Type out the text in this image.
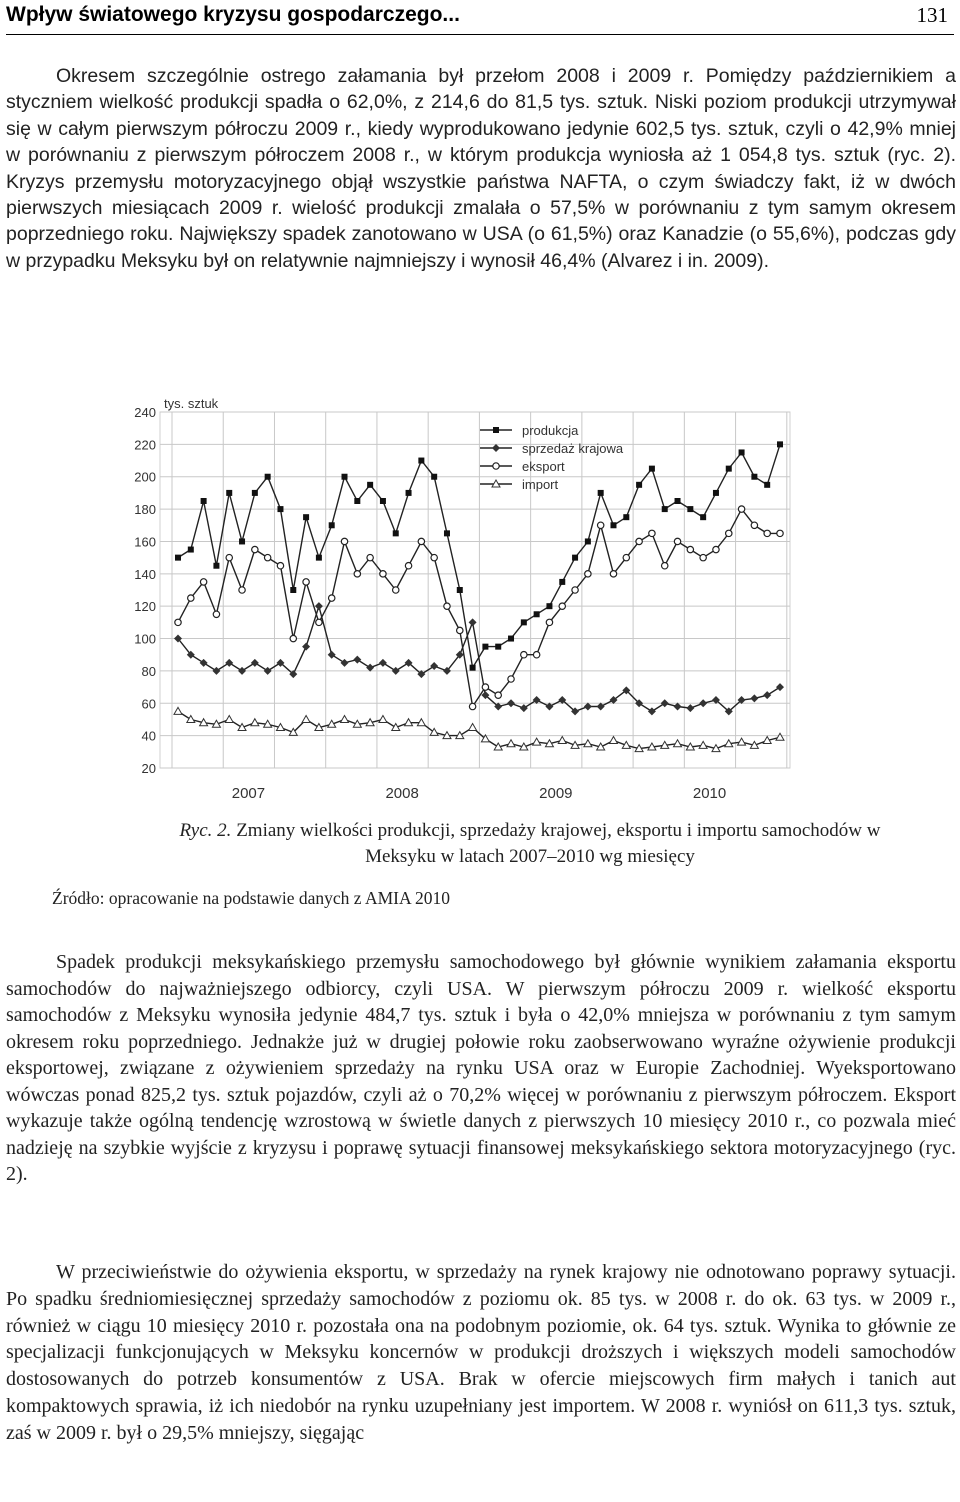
Wpływ światowego kryzysu gospodarczego...	131

Okresem szczególnie ostrego załamania był przełom 2008 i 2009 r. Pomiędzy październikiem a styczniem wielkość produkcji spadła o 62,0%, z 214,6 do 81,5 tys. sztuk. Niski poziom produkcji utrzymywał się w całym pierwszym półroczu 2009 r., kiedy wyprodukowano jedynie 602,5 tys. sztuk, czyli o 42,9% mniej w porównaniu z pierwszym półroczem 2008 r., w którym produkcja wyniosła aż 1 054,8 tys. sztuk (ryc. 2). Kryzys przemysłu motoryzacyjnego objął wszystkie państwa NAFTA, o czym świadczy fakt, iż w dwóch pierwszych miesiącach 2009 r. wielość produkcji zmalała o 57,5% w porównaniu z tym samym okresem poprzedniego roku. Największy spadek zanotowano w USA (o 61,5%) oraz Kanadzie (o 55,6%), podczas gdy w przypadku Meksyku był on relatywnie najmniejszy i wynosił 46,4% (Alvarez i in. 2009).

20
40
60
80
100
120
140
160
180
200
220
240
tys. sztuk
2007	2008	2009	2010
produkcja
sprzedaż krajowa
eksport
import

Ryc. 2. Zmiany wielkości produkcji, sprzedaży krajowej, eksportu i importu samochodów w Meksyku w latach 2007–2010 wg miesięcy

Źródło: opracowanie na podstawie danych z AMIA 2010

Spadek produkcji meksykańskiego przemysłu samochodowego był głównie wynikiem załamania eksportu samochodów do najważniejszego odbiorcy, czyli USA. W pierwszym półroczu 2009 r. wielkość eksportu samochodów z Meksyku wynosiła jedynie 484,7 tys. sztuk i była o 42,0% mniejsza w porównaniu z tym samym okresem roku poprzedniego. Jednakże już w drugiej połowie roku zaobserwowano wyraźne ożywienie produkcji eksportowej, związane z ożywieniem sprzedaży na rynku USA oraz w Europie Zachodniej. Wyeksportowano wówczas ponad 825,2 tys. sztuk pojazdów, czyli aż o 70,2% więcej w porównaniu z pierwszym półroczem. Eksport wykazuje także ogólną tendencję wzrostową w świetle danych z pierwszych 10 miesięcy 2010 r., co pozwala mieć nadzieję na szybkie wyjście z kryzysu i poprawę sytuacji finansowej meksykańskiego sektora motoryzacyjnego (ryc. 2).

W przeciwieństwie do ożywienia eksportu, w sprzedaży na rynek krajowy nie odnotowano poprawy sytuacji. Po spadku średniomiesięcznej sprzedaży samochodów z poziomu ok. 85 tys. w 2008 r. do ok. 63 tys. w 2009 r., również w ciągu 10 miesięcy 2010 r. pozostała ona na podobnym poziomie, ok. 64 tys. sztuk. Wynika to głównie ze specjalizacji funkcjonujących w Meksyku koncernów w produkcji droższych i większych modeli samochodów dostosowanych do potrzeb konsumentów z USA. Brak w ofercie miejscowych firm małych i tanich aut kompaktowych sprawia, iż ich niedobór na rynku uzupełniany jest importem. W 2008 r. wyniósł on 611,3 tys. sztuk, zaś w 2009 r. był o 29,5% mniejszy, sięgając
